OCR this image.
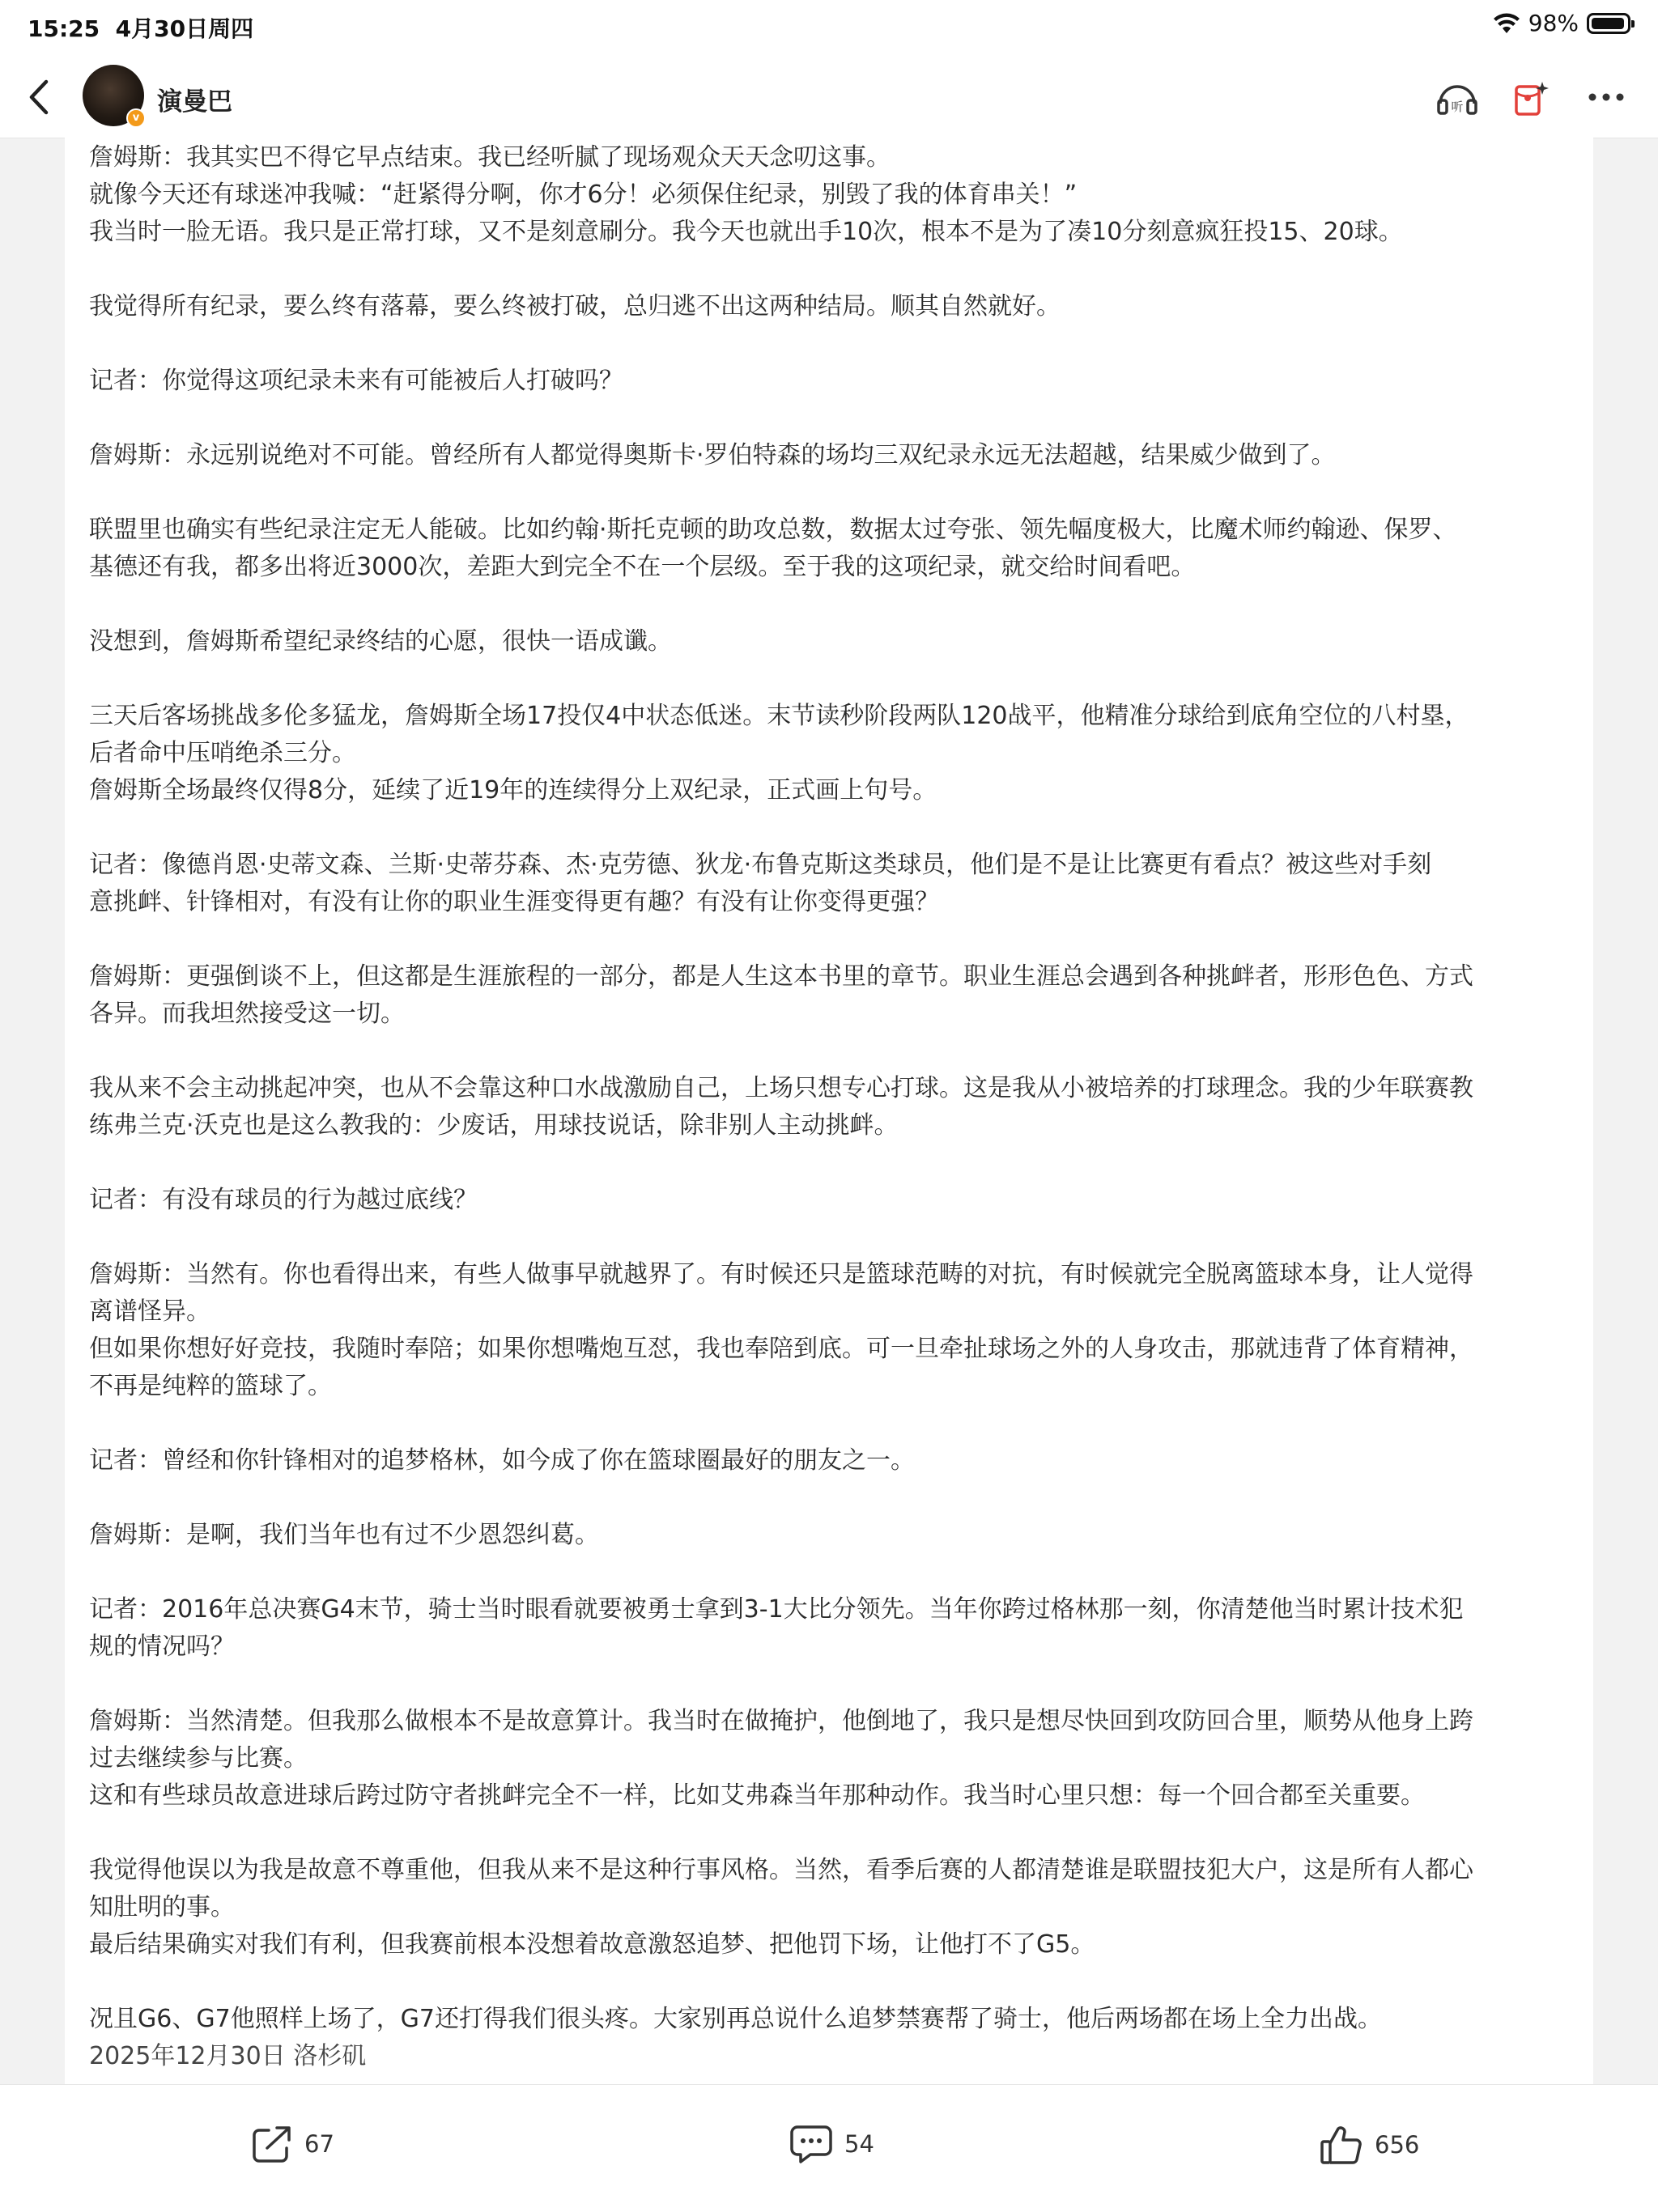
15:25 4月30日周四	98%
v
演曼巴	听

詹姆斯：我其实巴不得它早点结束。我已经听腻了现场观众天天念叨这事。
就像今天还有球迷冲我喊：“赶紧得分啊，你才6分！必须保住纪录，别毁了我的体育串关！”
我当时一脸无语。我只是正常打球，又不是刻意刷分。我今天也就出手10次，根本不是为了凑10分刻意疯狂投15、20球。

我觉得所有纪录，要么终有落幕，要么终被打破，总归逃不出这两种结局。顺其自然就好。

记者：你觉得这项纪录未来有可能被后人打破吗？

詹姆斯：永远别说绝对不可能。曾经所有人都觉得奥斯卡·罗伯特森的场均三双纪录永远无法超越，结果威少做到了。

联盟里也确实有些纪录注定无人能破。比如约翰·斯托克顿的助攻总数，数据太过夸张、领先幅度极大，比魔术师约翰逊、保罗、
基德还有我，都多出将近3000次，差距大到完全不在一个层级。至于我的这项纪录，就交给时间看吧。

没想到，詹姆斯希望纪录终结的心愿，很快一语成谶。

三天后客场挑战多伦多猛龙，詹姆斯全场17投仅4中状态低迷。末节读秒阶段两队120战平，他精准分球给到底角空位的八村塁，
后者命中压哨绝杀三分。
詹姆斯全场最终仅得8分，延续了近19年的连续得分上双纪录，正式画上句号。

记者：像德肖恩·史蒂文森、兰斯·史蒂芬森、杰·克劳德、狄龙·布鲁克斯这类球员，他们是不是让比赛更有看点？被这些对手刻
意挑衅、针锋相对，有没有让你的职业生涯变得更有趣？有没有让你变得更强？

詹姆斯：更强倒谈不上，但这都是生涯旅程的一部分，都是人生这本书里的章节。职业生涯总会遇到各种挑衅者，形形色色、方式
各异。而我坦然接受这一切。

我从来不会主动挑起冲突，也从不会靠这种口水战激励自己，上场只想专心打球。这是我从小被培养的打球理念。我的少年联赛教
练弗兰克·沃克也是这么教我的：少废话，用球技说话，除非别人主动挑衅。

记者：有没有球员的行为越过底线？

詹姆斯：当然有。你也看得出来，有些人做事早就越界了。有时候还只是篮球范畴的对抗，有时候就完全脱离篮球本身，让人觉得
离谱怪异。
但如果你想好好竞技，我随时奉陪；如果你想嘴炮互怼，我也奉陪到底。可一旦牵扯球场之外的人身攻击，那就违背了体育精神，
不再是纯粹的篮球了。

记者：曾经和你针锋相对的追梦格林，如今成了你在篮球圈最好的朋友之一。

詹姆斯：是啊，我们当年也有过不少恩怨纠葛。

记者：2016年总决赛G4末节，骑士当时眼看就要被勇士拿到3-1大比分领先。当年你跨过格林那一刻，你清楚他当时累计技术犯
规的情况吗？

詹姆斯：当然清楚。但我那么做根本不是故意算计。我当时在做掩护，他倒地了，我只是想尽快回到攻防回合里，顺势从他身上跨
过去继续参与比赛。
这和有些球员故意进球后跨过防守者挑衅完全不一样，比如艾弗森当年那种动作。我当时心里只想：每一个回合都至关重要。

我觉得他误以为我是故意不尊重他，但我从来不是这种行事风格。当然，看季后赛的人都清楚谁是联盟技犯大户，这是所有人都心
知肚明的事。
最后结果确实对我们有利，但我赛前根本没想着故意激怒追梦、把他罚下场，让他打不了G5。

况且G6、G7他照样上场了，G7还打得我们很头疼。大家别再总说什么追梦禁赛帮了骑士，他后两场都在场上全力出战。

2025年12月30日 洛杉矶
67	54	656
